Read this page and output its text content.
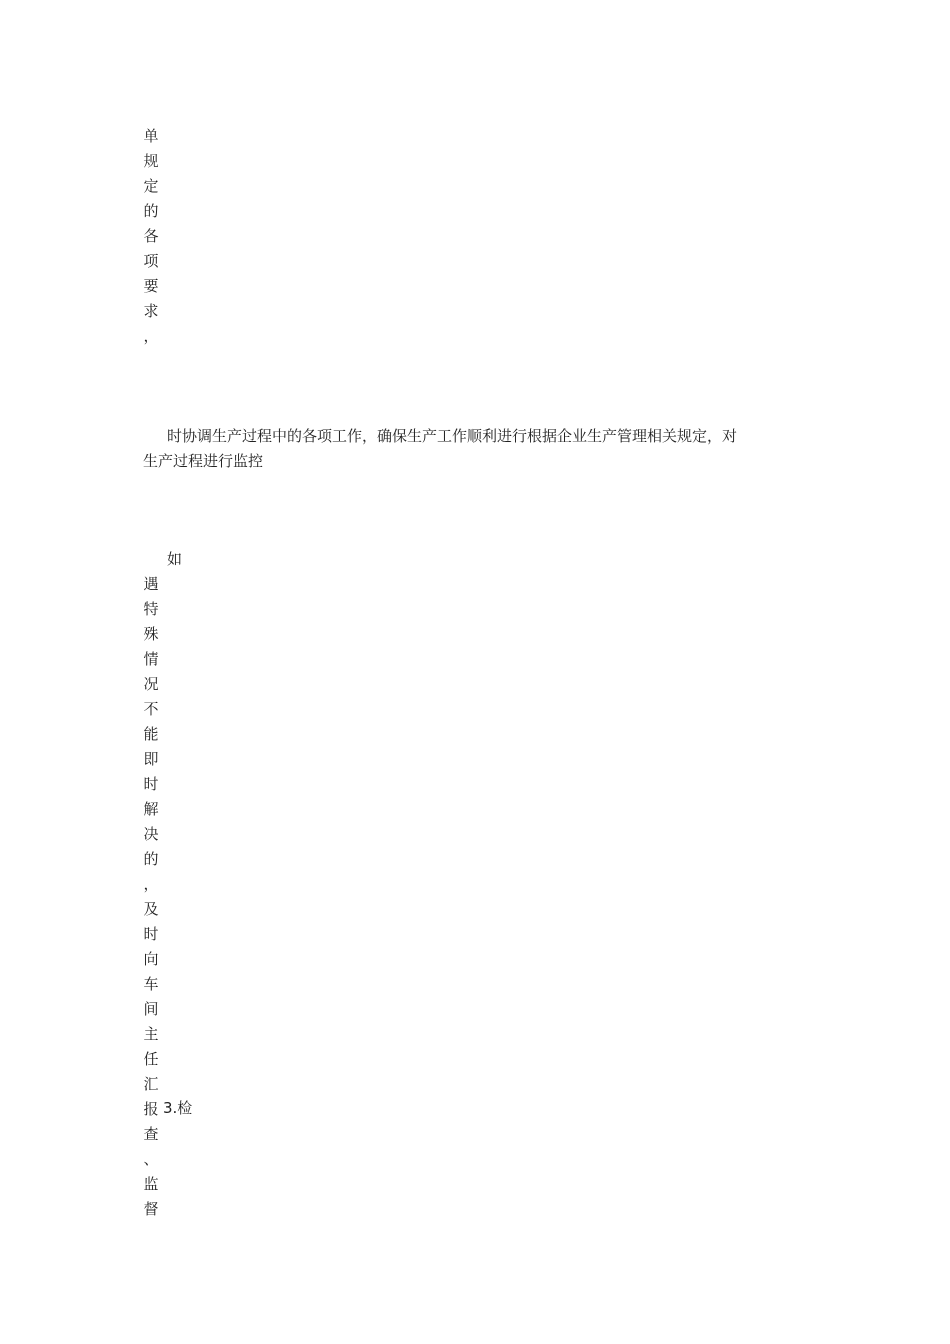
单
规
定
的
各
项
要
求
，
时协调生产过程中的各项工作，确保生产工作顺利进行根据企业生产管理相关规定，对
生产过程进行监控
如
遇
特
殊
情
况
不
能
即
时
解
决
的
，
及
时
向
车
间
主
任
汇
报
查
、
监
督
3.检
